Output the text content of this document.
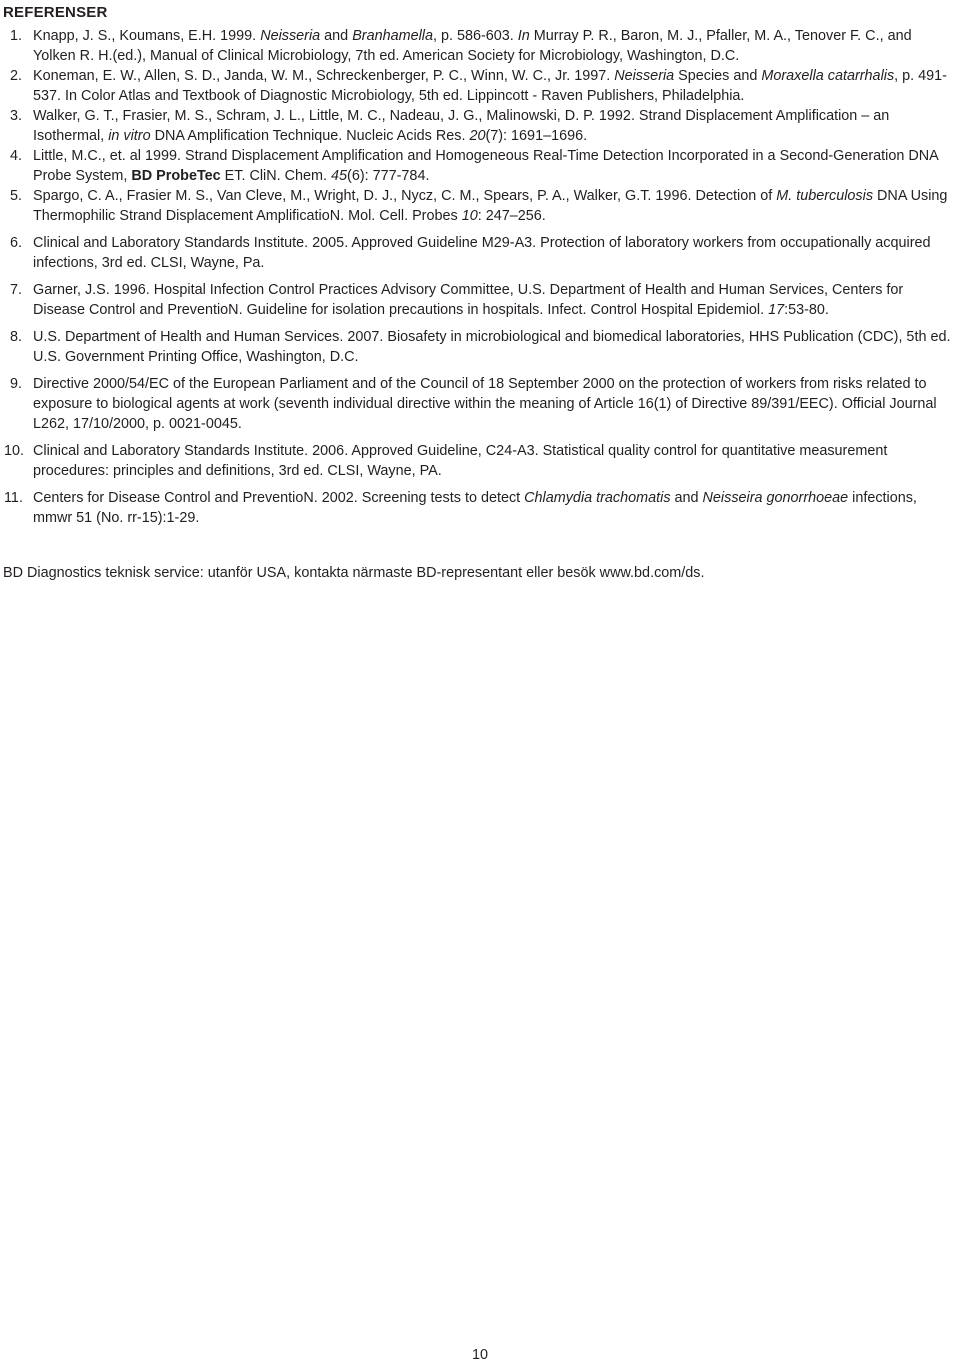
REFERENSER
1. Knapp, J. S., Koumans, E.H. 1999. Neisseria and Branhamella, p. 586-603. In Murray P. R., Baron, M. J., Pfaller, M. A., Tenover F. C., and Yolken R. H.(ed.), Manual of Clinical Microbiology, 7th ed. American Society for Microbiology, Washington, D.C.
2. Koneman, E. W., Allen, S. D., Janda, W. M., Schreckenberger, P. C., Winn, W. C., Jr. 1997. Neisseria Species and Moraxella catarrhalis, p. 491-537. In Color Atlas and Textbook of Diagnostic Microbiology, 5th ed. Lippincott - Raven Publishers, Philadelphia.
3. Walker, G. T., Frasier, M. S., Schram, J. L., Little, M. C., Nadeau, J. G., Malinowski, D. P. 1992. Strand Displacement Amplification – an Isothermal, in vitro DNA Amplification Technique. Nucleic Acids Res. 20(7): 1691–1696.
4. Little, M.C., et. al 1999. Strand Displacement Amplification and Homogeneous Real-Time Detection Incorporated in a Second-Generation DNA Probe System, BD ProbeTec ET. CliN. Chem. 45(6): 777-784.
5. Spargo, C. A., Frasier M. S., Van Cleve, M., Wright, D. J., Nycz, C. M., Spears, P. A., Walker, G.T. 1996. Detection of M. tuberculosis DNA Using Thermophilic Strand Displacement AmplificatioN. Mol. Cell. Probes 10: 247–256.
6. Clinical and Laboratory Standards Institute. 2005. Approved Guideline M29-A3. Protection of laboratory workers from occupationally acquired infections, 3rd ed. CLSI, Wayne, Pa.
7. Garner, J.S. 1996. Hospital Infection Control Practices Advisory Committee, U.S. Department of Health and Human Services, Centers for Disease Control and PreventioN. Guideline for isolation precautions in hospitals. Infect. Control Hospital Epidemiol. 17:53-80.
8. U.S. Department of Health and Human Services. 2007. Biosafety in microbiological and biomedical laboratories, HHS Publication (CDC), 5th ed. U.S. Government Printing Office, Washington, D.C.
9. Directive 2000/54/EC of the European Parliament and of the Council of 18 September 2000 on the protection of workers from risks related to exposure to biological agents at work (seventh individual directive within the meaning of Article 16(1) of Directive 89/391/EEC). Official Journal L262, 17/10/2000, p. 0021-0045.
10. Clinical and Laboratory Standards Institute. 2006. Approved Guideline, C24-A3. Statistical quality control for quantitative measurement procedures: principles and definitions, 3rd ed. CLSI, Wayne, PA.
11. Centers for Disease Control and PreventioN. 2002. Screening tests to detect Chlamydia trachomatis and Neisseira gonorrhoeae infections, mmwr 51 (No. rr-15):1-29.
BD Diagnostics teknisk service: utanför USA, kontakta närmaste BD-representant eller besök www.bd.com/ds.
10
